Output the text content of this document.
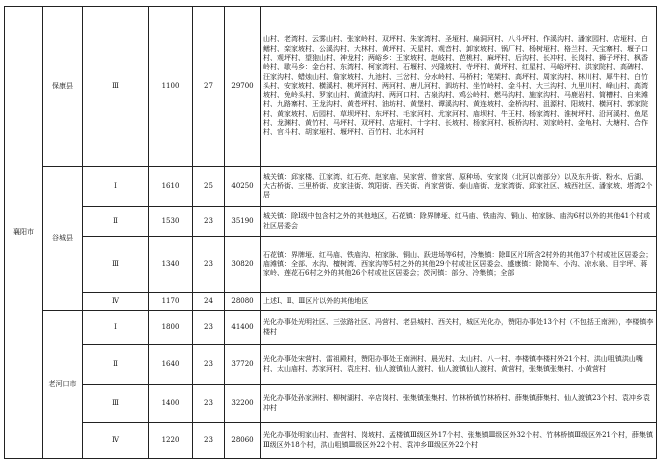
襄阳市	保康县	Ⅲ	1100	27	29700	山村、老湾村、云雾山村、张家岭村、双坪村、朱家湾村、圣垭村、扁洞河村、八斗坪村、作溪沟村、潘家园村、店垭村、白鳝村、栾家坡村、公溪沟村、大林村、黄坪村、天星村、观音村、卸家坡村、锅厂村、杨树垭村、格兰村、天宝寨村、堰子口村、观坪村、望狍山村、神龙村；两峪乡：王家坡村、赵岐村、芭桃村、麻坪村、后沟村、长冲村、长岗村、狮子坪村、枫香岭村、歇马乡：金台村、东湾村、柯家湾村、石堰村、兴隆坡村、寺坪村、黄坪村、红星村、马峪坪村、洪家院村、高碑村、汪家沟村、蜡烛山村、詹家坡村、九池村、三岔村、分水岭村、马桥村；笔架村、高坪村、周家沟村、林川村、犀牛村、白竹头村、安家坡村、横溪村、桃坪河村、两河村、唐儿河村、泗坊村、坐竹岭村、金斗村、大三沟村、九里川村、峰山村、高湾坡村、免岭头村、罗家山村、黄渣沟村、两河口村、古泉沟村、鸡公岭村、燃马沟村、施家沟村、马鹿岩村、简槽村、自来滩村、九路寨村、王龙沟村、黄苍坪村、油坊村、黄堡村、谭溪沟村、黄连坡村、金桥沟村、沮源村、阳坡村、横河村、郭家院村、黄家坡村、后园村、草坝坪村、东坪村、毛家河村、尤家河村、庙坝村、牛王村、杨家湾村、淮树坪村、沿河溪村、鱼尾村、龙渊村、黄竹村、马坪村、双坪村、店垭村、十字村、长坡村、杨家河村、板桥沟村、刘家岭村、金龟村、大塘村、合作村、官斗村、胡家垭村、堰坪村、百竹村、北水河村

	谷城县	Ⅰ	1610	25	40250	城关镇：邱家楼、江家湾、红石亮、赵家庙、吴家营、曾家营、原种场、安家岗（北河以南部分）以及东升街、粉水、后湖、大古桥街、三里桥街、皮家洼街、筑阳街、西关街、肖家营街、泰山庙街、龙家湾街、邱家社区、城西社区、潘家坡、塔湾2个居
		Ⅱ	1530	23	35190	城关镇：除Ⅰ级中包含村之外的其他地区，石花镇：除界牌垭、红马庙、铁庙沟、铜山、柏家脉、庙沟6村以外的其他41个村或社区居委会
		Ⅲ	1340	23	30820	石花镇：界牌垭、红马庙、铁庙沟、柏家脉、铜山、跃进场等6村，冷集镇：除Ⅱ区片Ⅰ所含2村外的其他37个村或社区居委会；庙滩镇：全部、水沟、檀树湾、西家沟等5村之外的其他29个村或社区居委会、盛康镇：除简车、小沟、凉水泉、目宇坪、蒋家岭、莲花石6村之外的其他26个村或社区居委会；茨河镇：部分、冷集镇；全部
		Ⅳ	1170	24	28080	上述Ⅰ、Ⅱ、Ⅲ区片以外的其他地区

	老河口市	Ⅰ	1800	23	41400	光化办事处光明社区、三弦路社区、冯营村、老县城村、西关村，城区光化办，赞阳办事处13个村（不包括王南洲），李楼镇李楼村
		Ⅱ	1640	23	37720	光化办事处宋营村、雷祖殿村，赞阳办事处王南洲村、晨光村、太山村、八一村、李楼镇李楼村外21个村、洪山咀镇洪山嘴村、太山庙村、苏家河村、袁庄村、仙人渡镇仙人渡村、仙人渡镇仙人渡村、黄营村，张集镇张集村、小黄营村
		Ⅲ	1400	23	32200	光化办事处孙家洲村、柳树湖村、辛店岗村、张集镇张集村、竹林桥镇竹林桥村、薛集镇薛集村、仙人渡镇23个村、袁冲乡袁冲村
		Ⅳ	1220	23	28060	光化办事处明家山村、查营村、岗坡村、孟楼镇Ⅲ级区外17个村、张集镇Ⅲ级区外32个村、竹林桥镇Ⅲ级区外21个村，薛集镇Ⅲ级区外18个村，洪山咀镇Ⅲ级区外22个村、袁冲乡Ⅲ级区外22个村
